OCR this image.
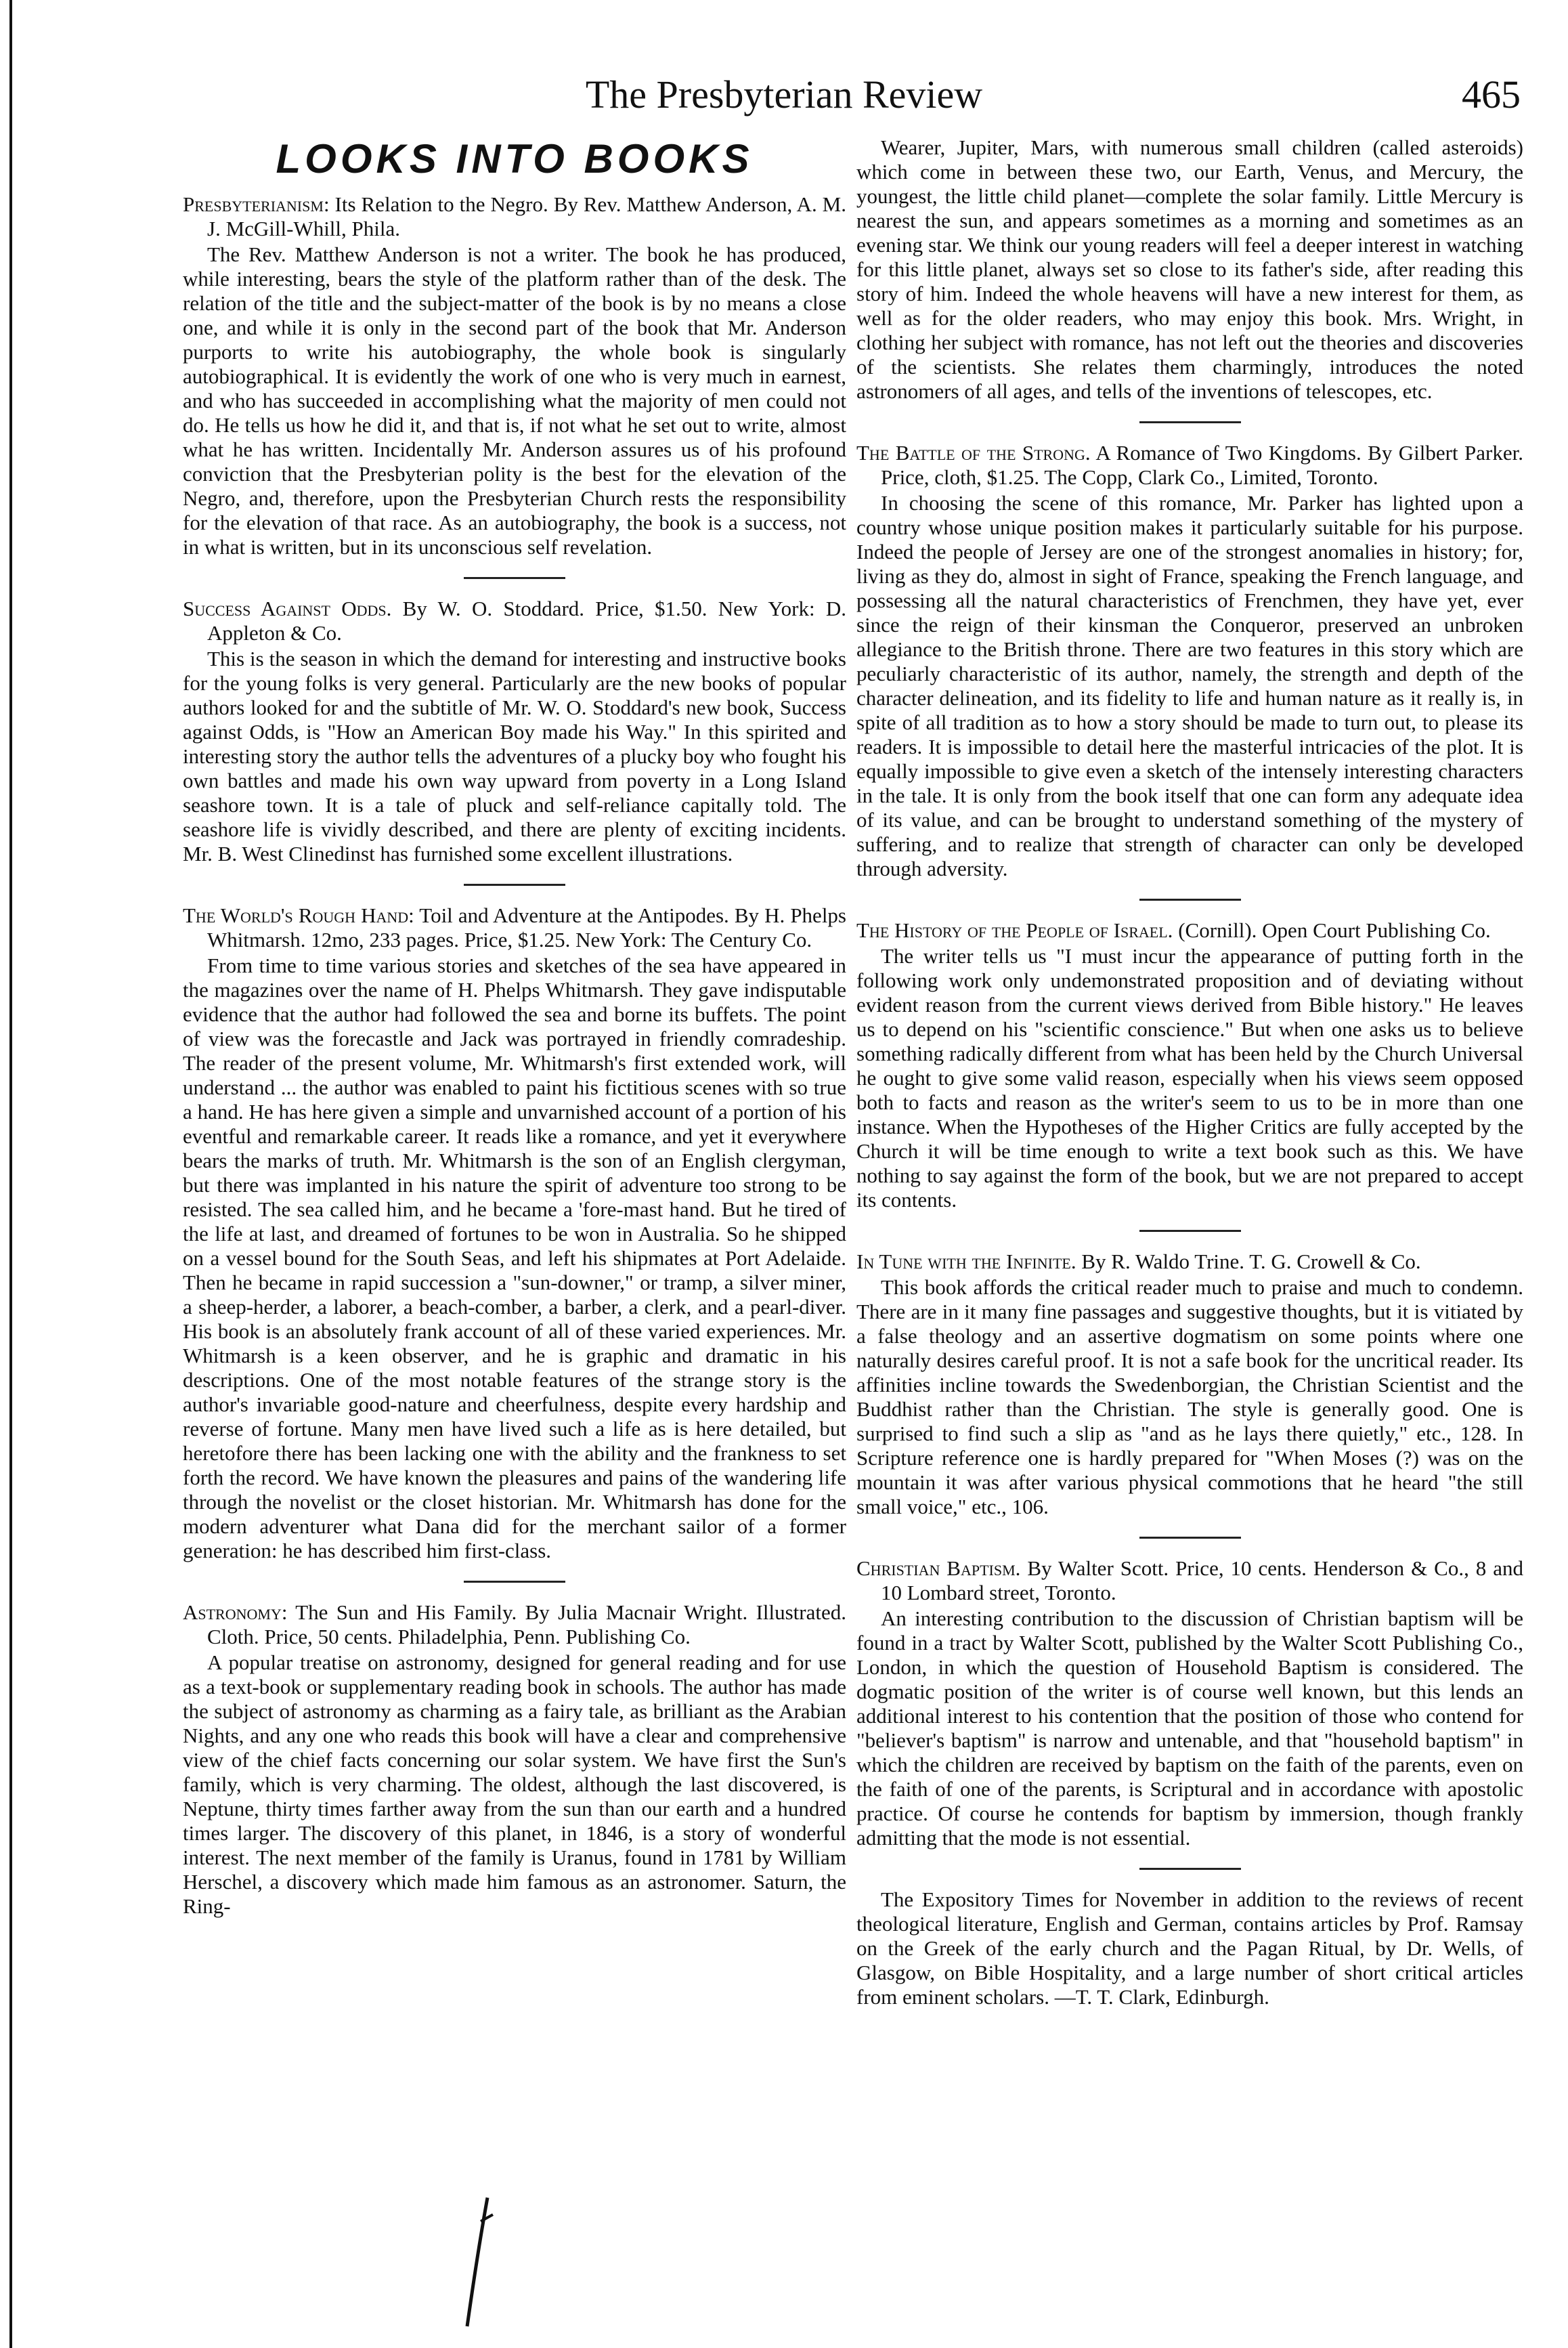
The Presbyterian Review	465
LOOKS INTO BOOKS

Presbyterianism: Its Relation to the Negro. By Rev. Matthew Anderson, A. M. J. McGill-Whill, Phila.

The Rev. Matthew Anderson is not a writer. The book he has produced, while interesting, bears the style of the platform rather than of the desk. The relation of the title and the subject-matter of the book is by no means a close one, and while it is only in the second part of the book that Mr. Anderson purports to write his autobiography, the whole book is singularly autobiographical. It is evidently the work of one who is very much in earnest, and who has succeeded in accomplishing what the majority of men could not do. He tells us how he did it, and that is, if not what he set out to write, almost what he has written. Incidentally Mr. Anderson assures us of his profound conviction that the Presbyterian polity is the best for the elevation of the Negro, and, therefore, upon the Presbyterian Church rests the responsibility for the elevation of that race. As an autobiography, the book is a success, not in what is written, but in its unconscious self revelation.

Success Against Odds. By W. O. Stoddard. Price, $1.50. New York: D. Appleton & Co.

This is the season in which the demand for interesting and instructive books for the young folks is very general. Particularly are the new books of popular authors looked for and the subtitle of Mr. W. O. Stoddard's new book, Success against Odds, is "How an American Boy made his Way." In this spirited and interesting story the author tells the adventures of a plucky boy who fought his own battles and made his own way upward from poverty in a Long Island seashore town. It is a tale of pluck and self-reliance capitally told. The seashore life is vividly described, and there are plenty of exciting incidents. Mr. B. West Clinedinst has furnished some excellent illustrations.

The World's Rough Hand: Toil and Adventure at the Antipodes. By H. Phelps Whitmarsh. 12mo, 233 pages. Price, $1.25. New York: The Century Co.

From time to time various stories and sketches of the sea have appeared in the magazines over the name of H. Phelps Whitmarsh. They gave indisputable evidence that the author had followed the sea and borne its buffets. The point of view was the forecastle and Jack was portrayed in friendly comradeship. The reader of the present volume, Mr. Whitmarsh's first extended work, will understand ... the author was enabled to paint his fictitious scenes with so true a hand. He has here given a simple and unvarnished account of a portion of his eventful and remarkable career. It reads like a romance, and yet it everywhere bears the marks of truth. Mr. Whitmarsh is the son of an English clergyman, but there was implanted in his nature the spirit of adventure too strong to be resisted. The sea called him, and he became a 'fore-mast hand. But he tired of the life at last, and dreamed of fortunes to be won in Australia. So he shipped on a vessel bound for the South Seas, and left his shipmates at Port Adelaide. Then he became in rapid succession a "sun-downer," or tramp, a silver miner, a sheep-herder, a laborer, a beach-comber, a barber, a clerk, and a pearl-diver. His book is an absolutely frank account of all of these varied experiences. Mr. Whitmarsh is a keen observer, and he is graphic and dramatic in his descriptions. One of the most notable features of the strange story is the author's invariable good-nature and cheerfulness, despite every hardship and reverse of fortune. Many men have lived such a life as is here detailed, but heretofore there has been lacking one with the ability and the frankness to set forth the record. We have known the pleasures and pains of the wandering life through the novelist or the closet historian. Mr. Whitmarsh has done for the modern adventurer what Dana did for the merchant sailor of a former generation: he has described him first-class.

Astronomy: The Sun and His Family. By Julia Macnair Wright. Illustrated. Cloth. Price, 50 cents. Philadelphia, Penn. Publishing Co.

A popular treatise on astronomy, designed for general reading and for use as a text-book or supplementary reading book in schools. The author has made the subject of astronomy as charming as a fairy tale, as brilliant as the Arabian Nights, and any one who reads this book will have a clear and comprehensive view of the chief facts concerning our solar system. We have first the Sun's family, which is very charming. The oldest, although the last discovered, is Neptune, thirty times farther away from the sun than our earth and a hundred times larger. The discovery of this planet, in 1846, is a story of wonderful interest. The next member of the family is Uranus, found in 1781 by William Herschel, a discovery which made him famous as an astronomer. Saturn, the Ring-

Wearer, Jupiter, Mars, with numerous small children (called asteroids) which come in between these two, our Earth, Venus, and Mercury, the youngest, the little child planet—complete the solar family. Little Mercury is nearest the sun, and appears sometimes as a morning and sometimes as an evening star. We think our young readers will feel a deeper interest in watching for this little planet, always set so close to its father's side, after reading this story of him. Indeed the whole heavens will have a new interest for them, as well as for the older readers, who may enjoy this book. Mrs. Wright, in clothing her subject with romance, has not left out the theories and discoveries of the scientists. She relates them charmingly, introduces the noted astronomers of all ages, and tells of the inventions of telescopes, etc.

The Battle of the Strong. A Romance of Two Kingdoms. By Gilbert Parker. Price, cloth, $1.25. The Copp, Clark Co., Limited, Toronto.

In choosing the scene of this romance, Mr. Parker has lighted upon a country whose unique position makes it particularly suitable for his purpose. Indeed the people of Jersey are one of the strongest anomalies in history; for, living as they do, almost in sight of France, speaking the French language, and possessing all the natural characteristics of Frenchmen, they have yet, ever since the reign of their kinsman the Conqueror, preserved an unbroken allegiance to the British throne. There are two features in this story which are peculiarly characteristic of its author, namely, the strength and depth of the character delineation, and its fidelity to life and human nature as it really is, in spite of all tradition as to how a story should be made to turn out, to please its readers. It is impossible to detail here the masterful intricacies of the plot. It is equally impossible to give even a sketch of the intensely interesting characters in the tale. It is only from the book itself that one can form any adequate idea of its value, and can be brought to understand something of the mystery of suffering, and to realize that strength of character can only be developed through adversity.

The History of the People of Israel. (Cornill). Open Court Publishing Co.

The writer tells us "I must incur the appearance of putting forth in the following work only undemonstrated proposition and of deviating without evident reason from the current views derived from Bible history." He leaves us to depend on his "scientific conscience." But when one asks us to believe something radically different from what has been held by the Church Universal he ought to give some valid reason, especially when his views seem opposed both to facts and reason as the writer's seem to us to be in more than one instance. When the Hypotheses of the Higher Critics are fully accepted by the Church it will be time enough to write a text book such as this. We have nothing to say against the form of the book, but we are not prepared to accept its contents.

In Tune with the Infinite. By R. Waldo Trine. T. G. Crowell & Co.

This book affords the critical reader much to praise and much to condemn. There are in it many fine passages and suggestive thoughts, but it is vitiated by a false theology and an assertive dogmatism on some points where one naturally desires careful proof. It is not a safe book for the uncritical reader. Its affinities incline towards the Swedenborgian, the Christian Scientist and the Buddhist rather than the Christian. The style is generally good. One is surprised to find such a slip as "and as he lays there quietly," etc., 128. In Scripture reference one is hardly prepared for "When Moses (?) was on the mountain it was after various physical commotions that he heard "the still small voice," etc., 106.

Christian Baptism. By Walter Scott. Price, 10 cents. Henderson & Co., 8 and 10 Lombard street, Toronto.

An interesting contribution to the discussion of Christian baptism will be found in a tract by Walter Scott, published by the Walter Scott Publishing Co., London, in which the question of Household Baptism is considered. The dogmatic position of the writer is of course well known, but this lends an additional interest to his contention that the position of those who contend for "believer's baptism" is narrow and untenable, and that "household baptism" in which the children are received by baptism on the faith of the parents, even on the faith of one of the parents, is Scriptural and in accordance with apostolic practice. Of course he contends for baptism by immersion, though frankly admitting that the mode is not essential.

The Expository Times for November in addition to the reviews of recent theological literature, English and German, contains articles by Prof. Ramsay on the Greek of the early church and the Pagan Ritual, by Dr. Wells, of Glasgow, on Bible Hospitality, and a large number of short critical articles from eminent scholars. —T. T. Clark, Edinburgh.
